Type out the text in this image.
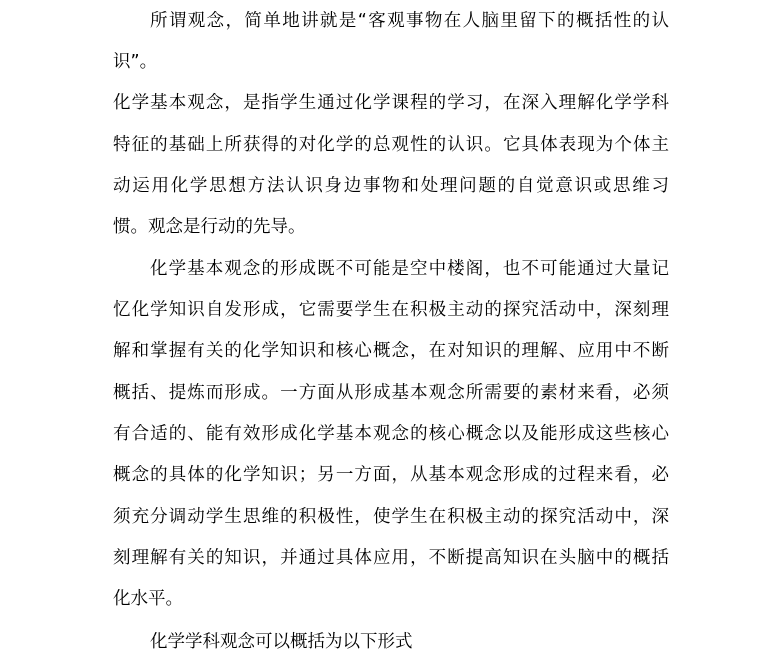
所谓观念，简单地讲就是“客观事物在人脑里留下的概括性的认
识”。
化学基本观念，是指学生通过化学课程的学习，在深入理解化学学科
特征的基础上所获得的对化学的总观性的认识。它具体表现为个体主
动运用化学思想方法认识身边事物和处理问题的自觉意识或思维习
惯。观念是行动的先导。
化学基本观念的形成既不可能是空中楼阁，也不可能通过大量记
忆化学知识自发形成，它需要学生在积极主动的探究活动中，深刻理
解和掌握有关的化学知识和核心概念，在对知识的理解、应用中不断
概括、提炼而形成。一方面从形成基本观念所需要的素材来看，必须
有合适的、能有效形成化学基本观念的核心概念以及能形成这些核心
概念的具体的化学知识；另一方面，从基本观念形成的过程来看，必
须充分调动学生思维的积极性，使学生在积极主动的探究活动中，深
刻理解有关的知识，并通过具体应用，不断提高知识在头脑中的概括
化水平。
化学学科观念可以概括为以下形式
